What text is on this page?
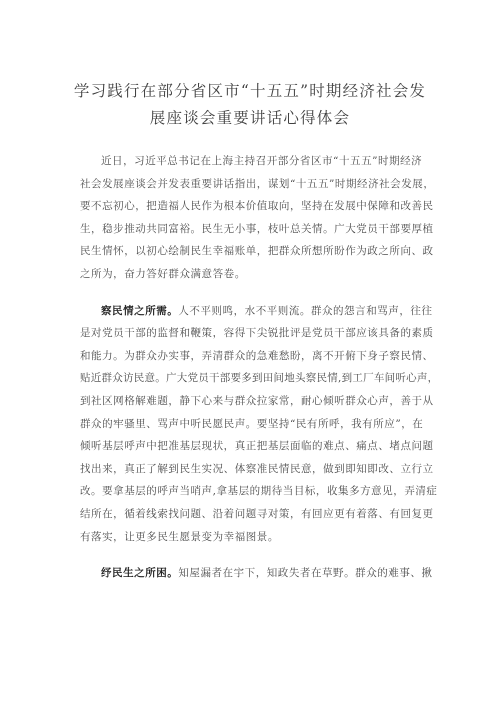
学习践行在部分省区市“十五五”时期经济社会发
展座谈会重要讲话心得体会
近日，习近平总书记在上海主持召开部分省区市“十五五”时期经济
社会发展座谈会并发表重要讲话指出，谋划“十五五”时期经济社会发展，
要不忘初心，把造福人民作为根本价值取向，坚持在发展中保障和改善民
生，稳步推动共同富裕。民生无小事，枝叶总关情。广大党员干部要厚植
民生情怀，以初心绘制民生幸福账单，把群众所想所盼作为政之所向、政
之所为，奋力答好群众满意答卷。
察民情之所需。人不平则鸣，水不平则流。群众的怨言和骂声，往往
是对党员干部的监督和鞭策，容得下尖锐批评是党员干部应该具备的素质
和能力。为群众办实事，弄清群众的急难愁盼，离不开俯下身子察民情、
贴近群众访民意。广大党员干部要多到田间地头察民情,到工厂车间听心声，
到社区网格解难题，静下心来与群众拉家常，耐心倾听群众心声，善于从
群众的牢骚里、骂声中听民愿民声。要坚持“民有所呼，我有所应”，在
倾听基层呼声中把准基层现状，真正把基层面临的难点、痛点、堵点问题
找出来，真正了解到民生实况、体察准民情民意，做到即知即改、立行立
改。要拿基层的呼声当哨声,拿基层的期待当目标，收集多方意见，弄清症
结所在，循着线索找问题、沿着问题寻对策，有回应更有着落、有回复更
有落实，让更多民生愿景变为幸福图景。
纾民生之所困。知屋漏者在宇下，知政失者在草野。群众的难事、揪
